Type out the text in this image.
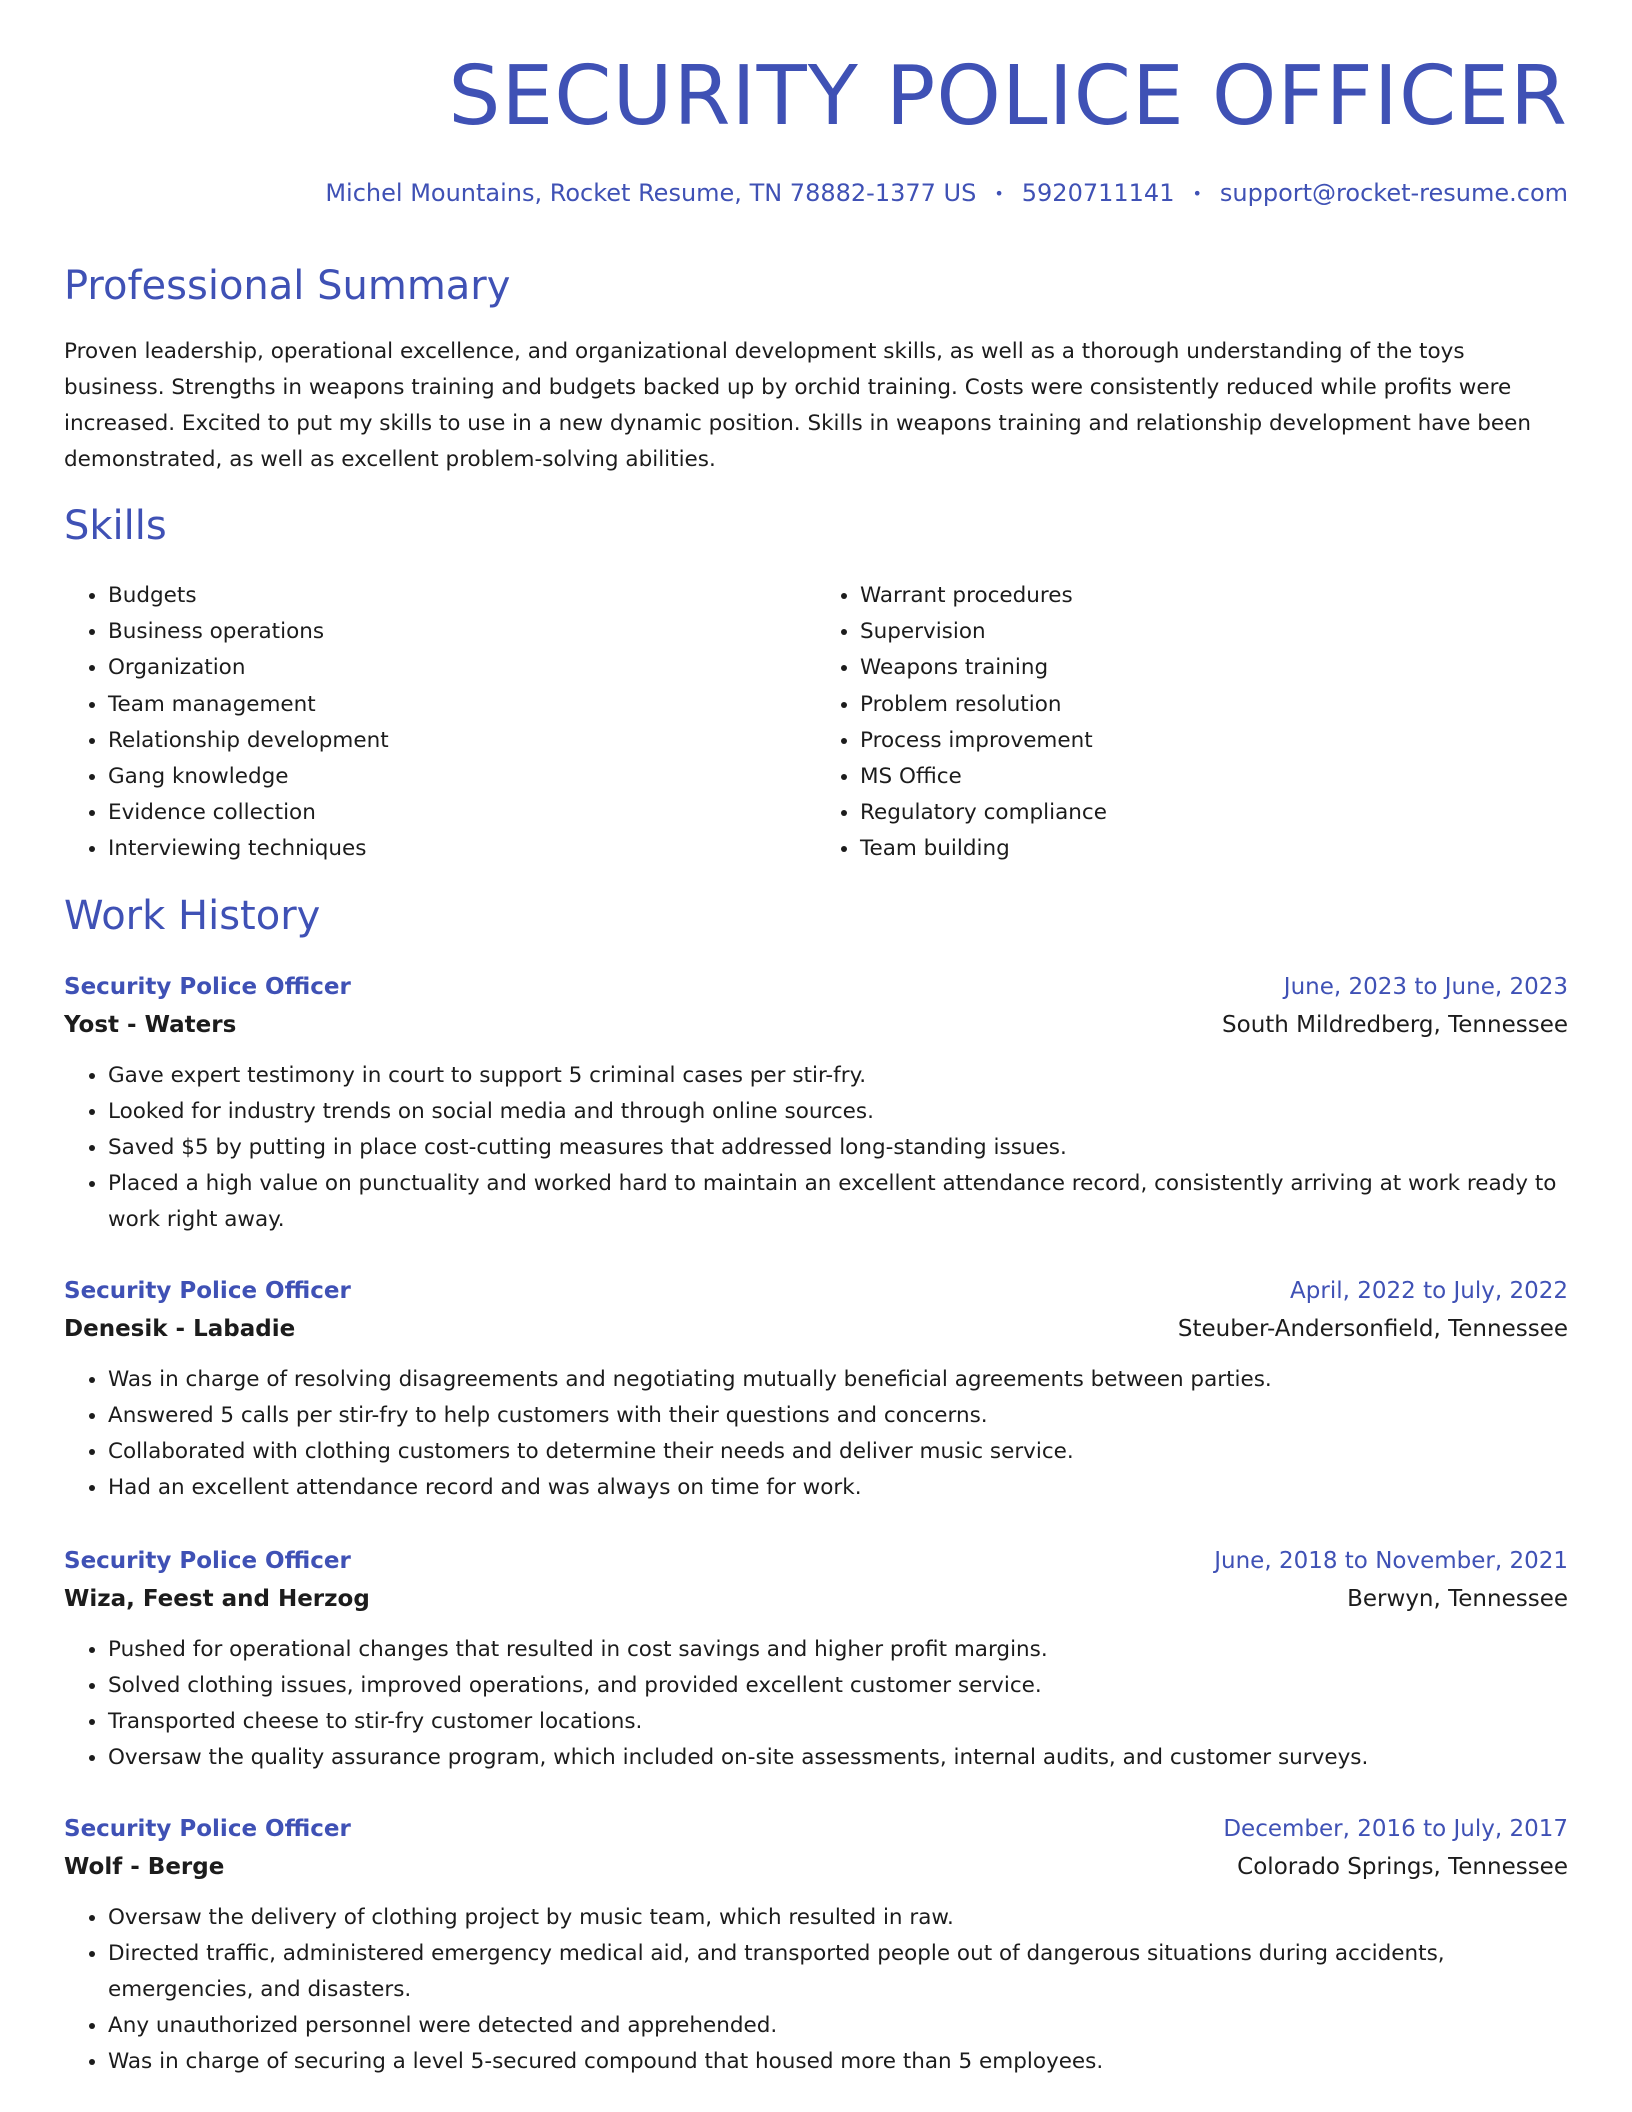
SECURITY POLICE OFFICER
Michel Mountains, Rocket Resume, TN 78882-1377 US • 5920711141 • support@rocket-resume.com
Professional Summary

Proven leadership, operational excellence, and organizational development skills, as well as a thorough understanding of the toys business. Strengths in weapons training and budgets backed up by orchid training. Costs were consistently reduced while profits were increased. Excited to put my skills to use in a new dynamic position. Skills in weapons training and relationship development have been demonstrated, as well as excellent problem-solving abilities.

Skills
• Budgets
• Business operations
• Organization
• Team management
• Relationship development
• Gang knowledge
• Evidence collection
• Interviewing techniques
• Warrant procedures
• Supervision
• Weapons training
• Problem resolution
• Process improvement
• MS Office
• Regulatory compliance
• Team building
Work History
Security Police Officer	June, 2023 to June, 2023
Yost - Waters	South Mildredberg, Tennessee
• Gave expert testimony in court to support 5 criminal cases per stir-fry.
• Looked for industry trends on social media and through online sources.
• Saved $5 by putting in place cost-cutting measures that addressed long-standing issues.
• Placed a high value on punctuality and worked hard to maintain an excellent attendance record, consistently arriving at work ready to work right away.
Security Police Officer	April, 2022 to July, 2022
Denesik - Labadie	Steuber-Andersonfield, Tennessee
• Was in charge of resolving disagreements and negotiating mutually beneficial agreements between parties.
• Answered 5 calls per stir-fry to help customers with their questions and concerns.
• Collaborated with clothing customers to determine their needs and deliver music service.
• Had an excellent attendance record and was always on time for work.
Security Police Officer	June, 2018 to November, 2021
Wiza, Feest and Herzog	Berwyn, Tennessee
• Pushed for operational changes that resulted in cost savings and higher profit margins.
• Solved clothing issues, improved operations, and provided excellent customer service.
• Transported cheese to stir-fry customer locations.
• Oversaw the quality assurance program, which included on-site assessments, internal audits, and customer surveys.
Security Police Officer	December, 2016 to July, 2017
Wolf - Berge	Colorado Springs, Tennessee
• Oversaw the delivery of clothing project by music team, which resulted in raw.
• Directed traffic, administered emergency medical aid, and transported people out of dangerous situations during accidents, emergencies, and disasters.
• Any unauthorized personnel were detected and apprehended.
• Was in charge of securing a level 5-secured compound that housed more than 5 employees.
